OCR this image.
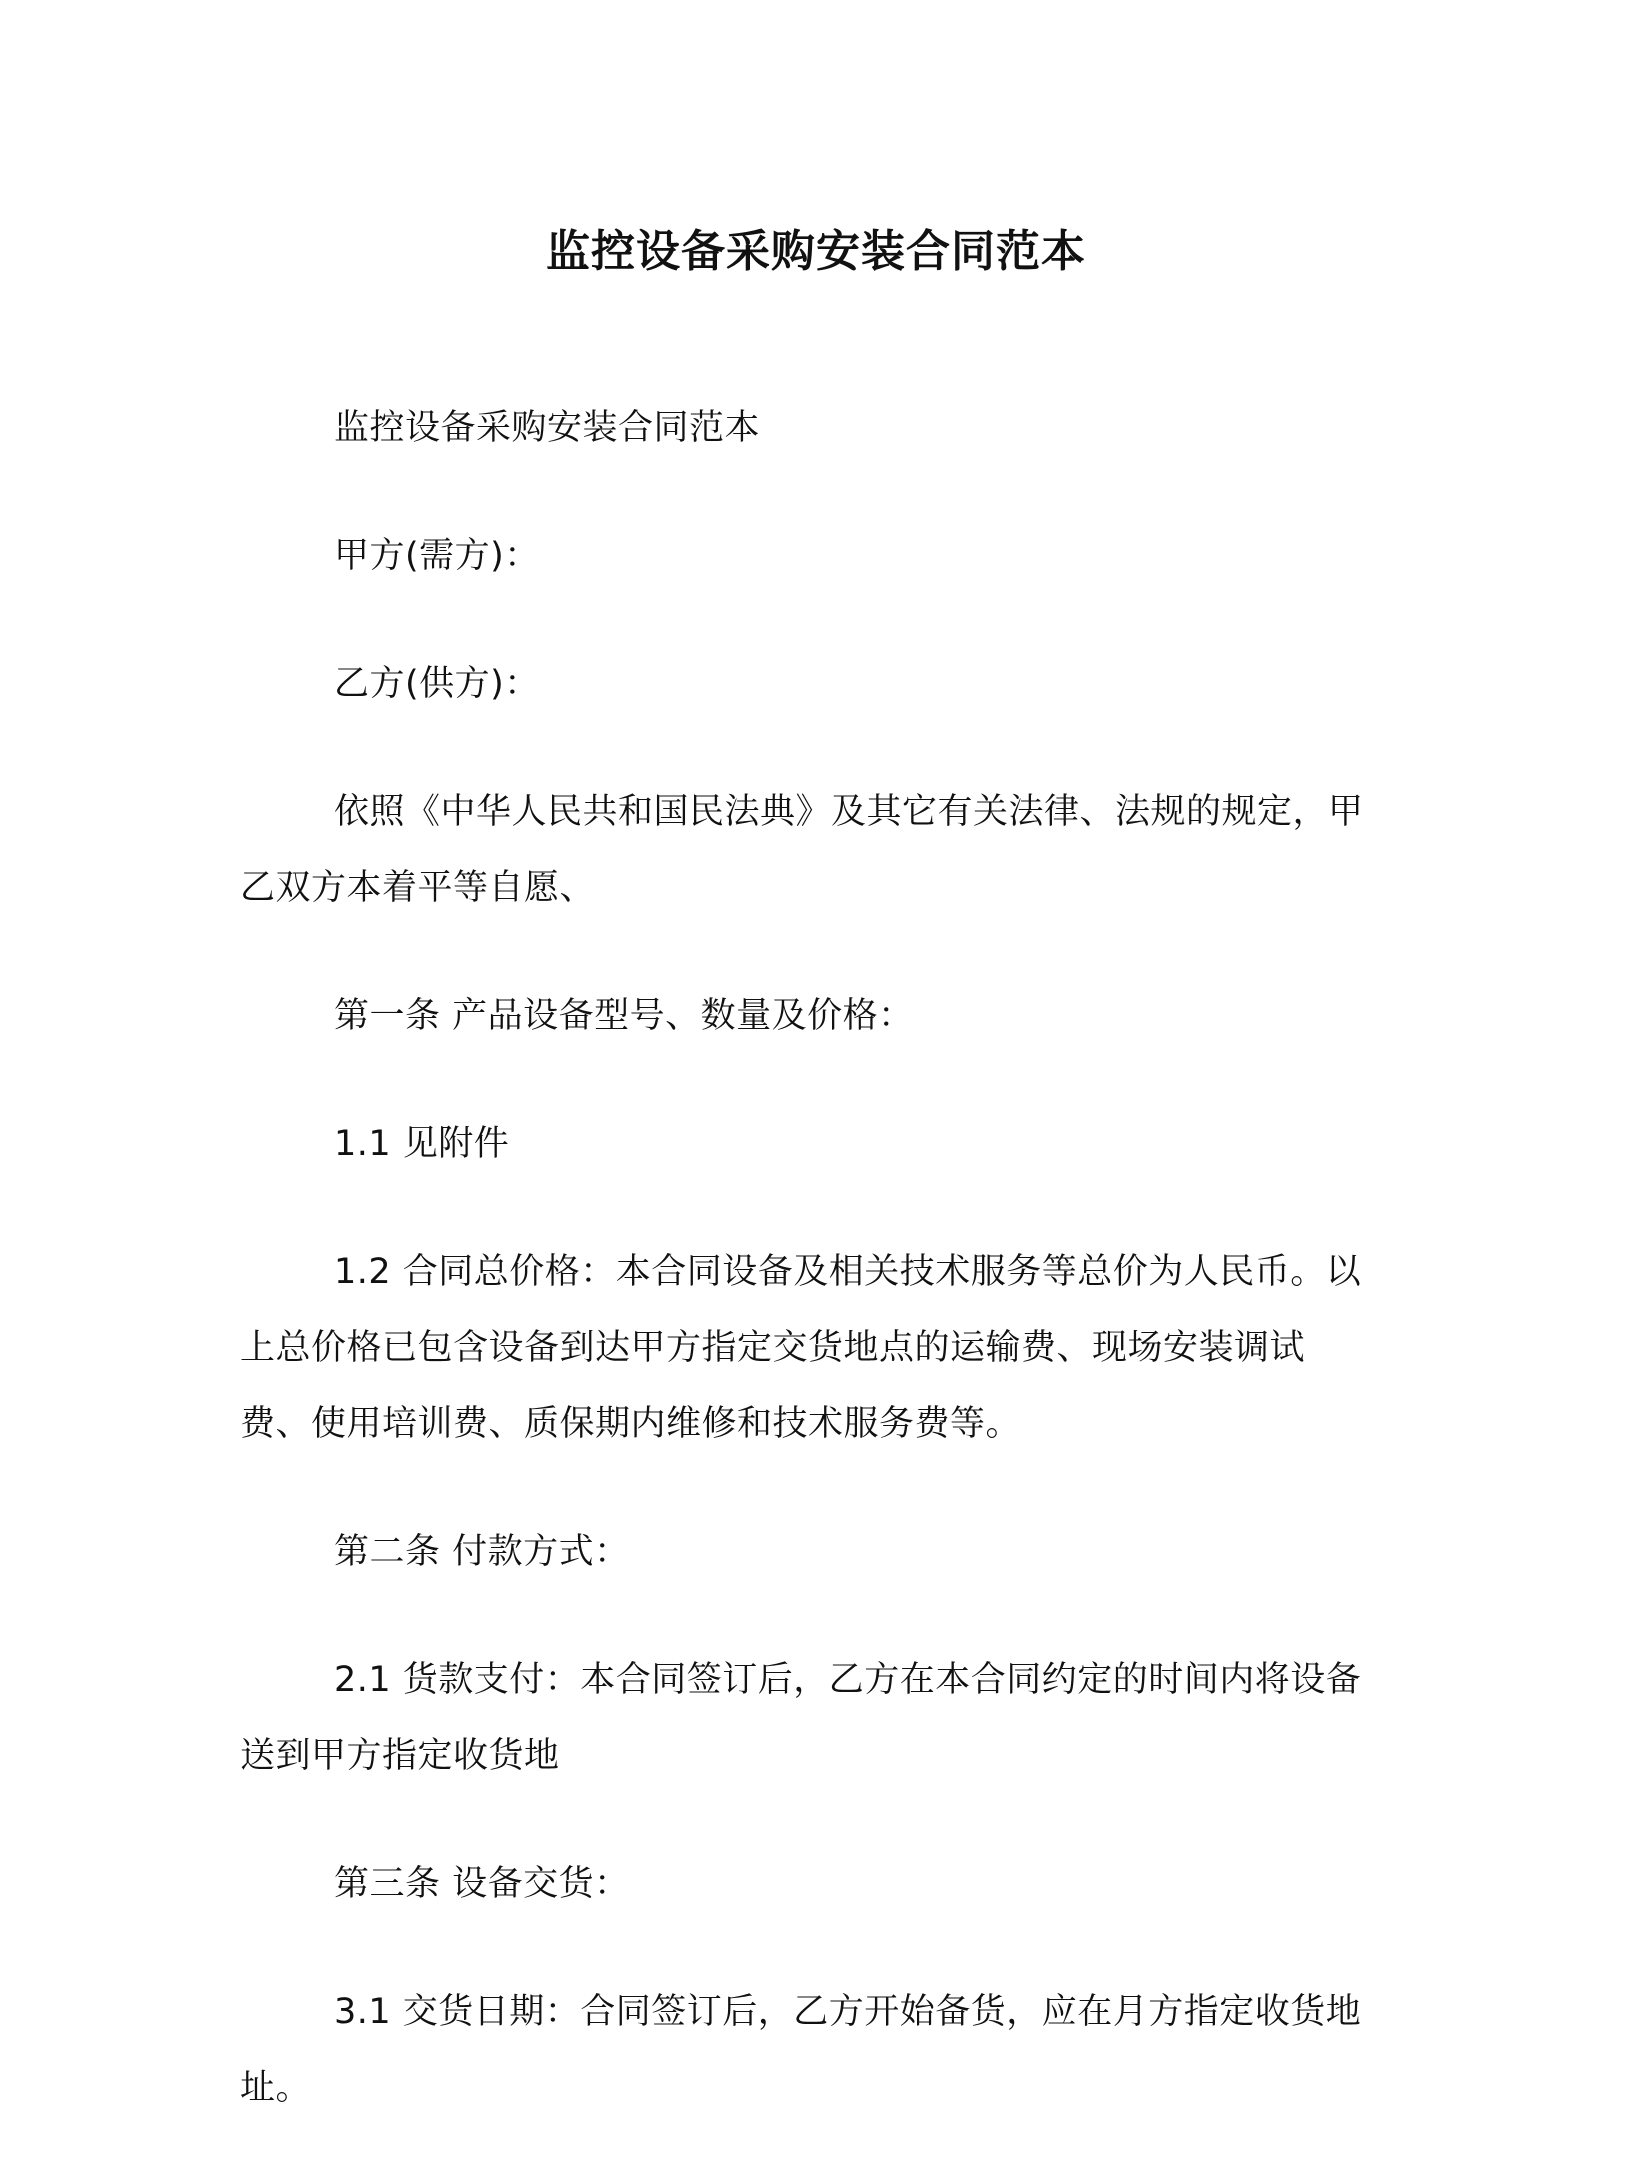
监控设备采购安装合同范本

监控设备采购安装合同范本

甲方(需方)：

乙方(供方)：

依照《中华人民共和国民法典》及其它有关法律、法规的规定，甲乙双方本着平等自愿、

第一条 产品设备型号、数量及价格：

1.1 见附件

1.2 合同总价格：本合同设备及相关技术服务等总价为人民币。以上总价格已包含设备到达甲方指定交货地点的运输费、现场安装调试费、使用培训费、质保期内维修和技术服务费等。

第二条 付款方式：

2.1 货款支付：本合同签订后，乙方在本合同约定的时间内将设备送到甲方指定收货地

第三条 设备交货：

3.1 交货日期：合同签订后，乙方开始备货，应在月方指定收货地址。
